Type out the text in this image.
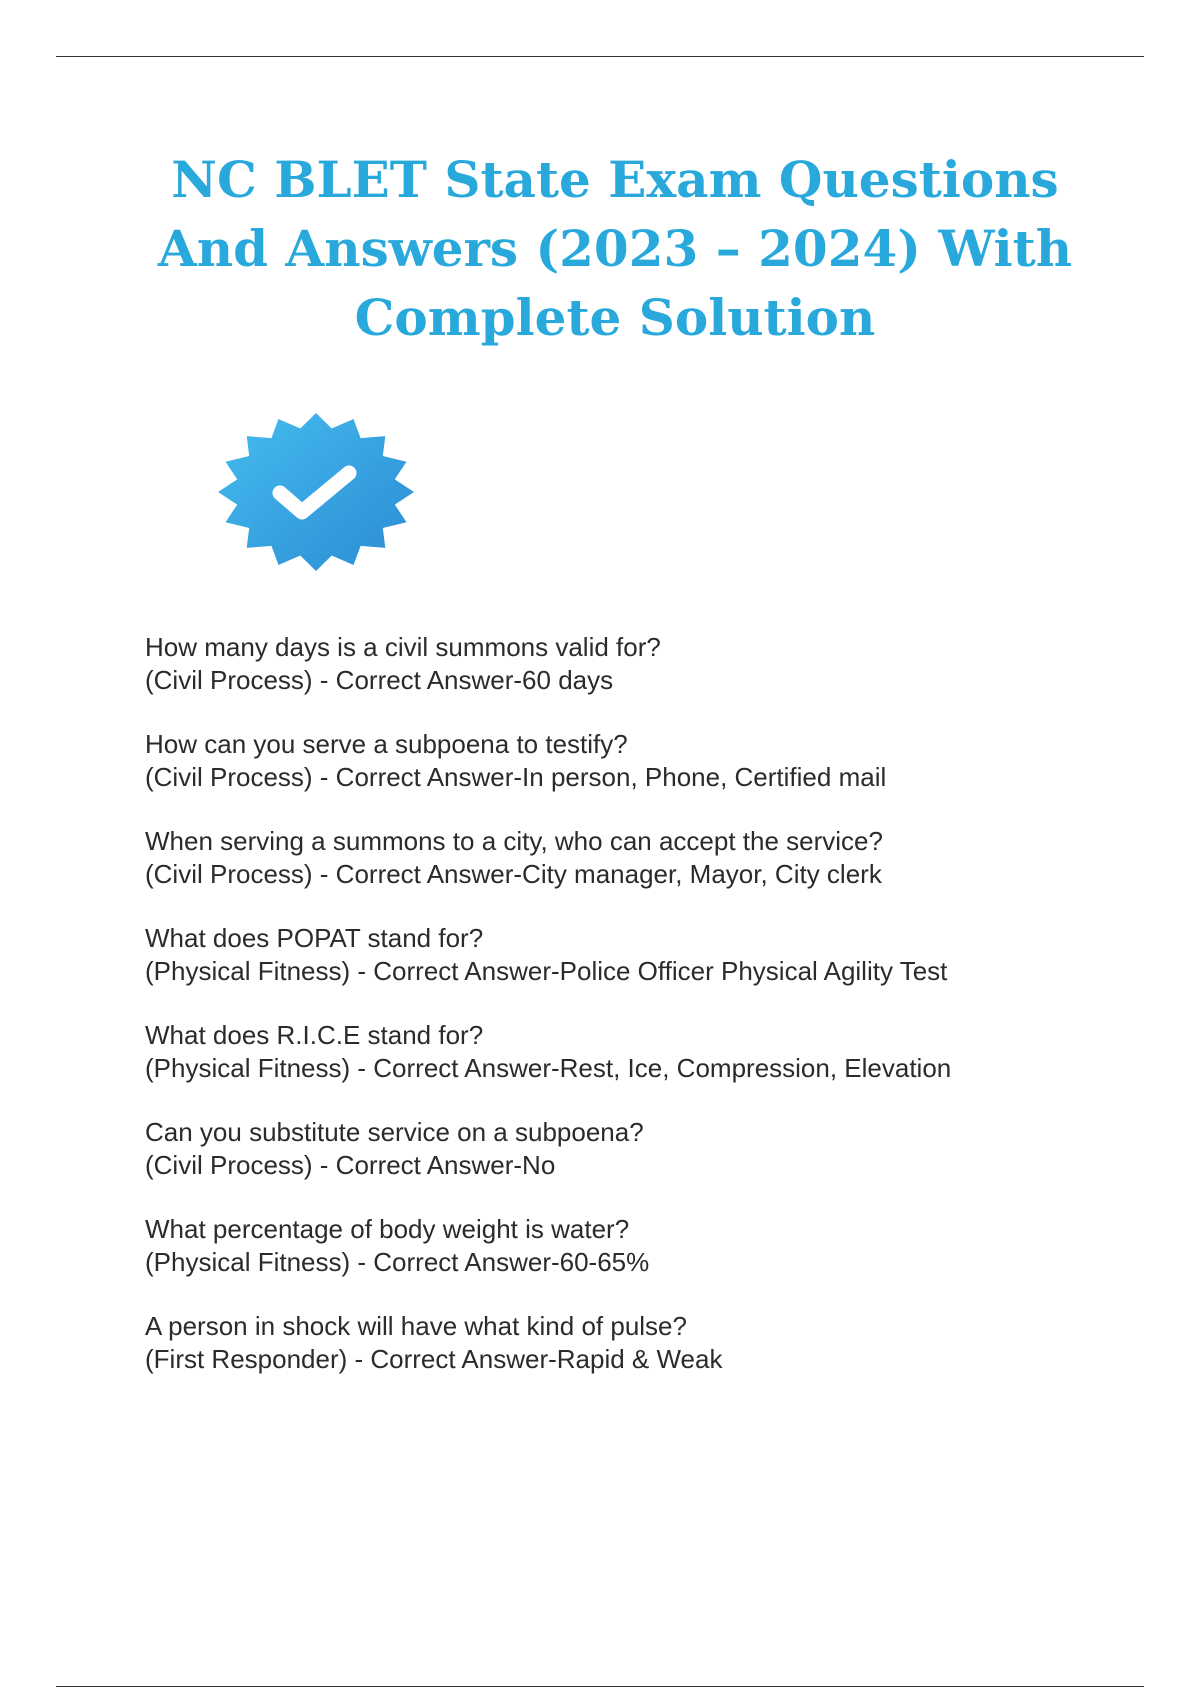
NC BLET State Exam Questions
And Answers (2023 – 2024) With
Complete Solution
How many days is a civil summons valid for?
(Civil Process) - Correct Answer-60 days
How can you serve a subpoena to testify?
(Civil Process) - Correct Answer-In person, Phone, Certified mail
When serving a summons to a city, who can accept the service?
(Civil Process) - Correct Answer-City manager, Mayor, City clerk
What does POPAT stand for?
(Physical Fitness) - Correct Answer-Police Officer Physical Agility Test
What does R.I.C.E stand for?
(Physical Fitness) - Correct Answer-Rest, Ice, Compression, Elevation
Can you substitute service on a subpoena?
(Civil Process) - Correct Answer-No
What percentage of body weight is water?
(Physical Fitness) - Correct Answer-60-65%
A person in shock will have what kind of pulse?
(First Responder) - Correct Answer-Rapid & Weak
